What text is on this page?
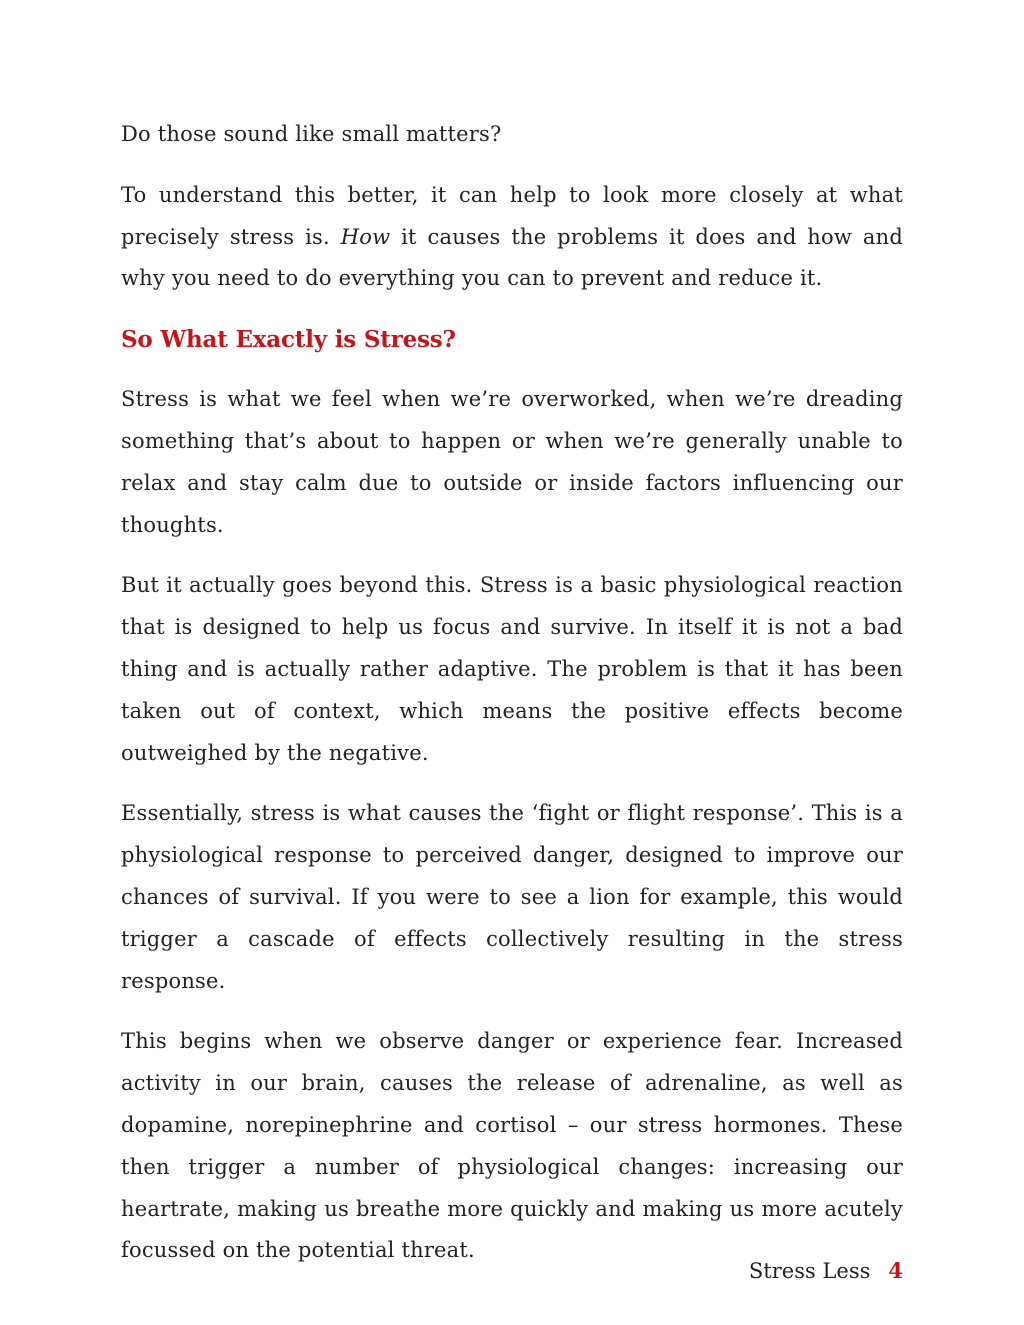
Do those sound like small matters?

To understand this better, it can help to look more closely at what precisely stress is. How it causes the problems it does and how and why you need to do everything you can to prevent and reduce it.

So What Exactly is Stress?

Stress is what we feel when we’re overworked, when we’re dreading something that’s about to happen or when we’re generally unable to relax and stay calm due to outside or inside factors influencing our thoughts.

But it actually goes beyond this. Stress is a basic physiological reaction that is designed to help us focus and survive. In itself it is not a bad thing and is actually rather adaptive. The problem is that it has been taken out of context, which means the positive effects become outweighed by the negative.

Essentially, stress is what causes the ‘fight or flight response’. This is a physiological response to perceived danger, designed to improve our chances of survival. If you were to see a lion for example, this would trigger a cascade of effects collectively resulting in the stress response.

This begins when we observe danger or experience fear. Increased activity in our brain, causes the release of adrenaline, as well as dopamine, norepinephrine and cortisol – our stress hormones. These then trigger a number of physiological changes: increasing our heartrate, making us breathe more quickly and making us more acutely focussed on the potential threat.

Stress Less 4
